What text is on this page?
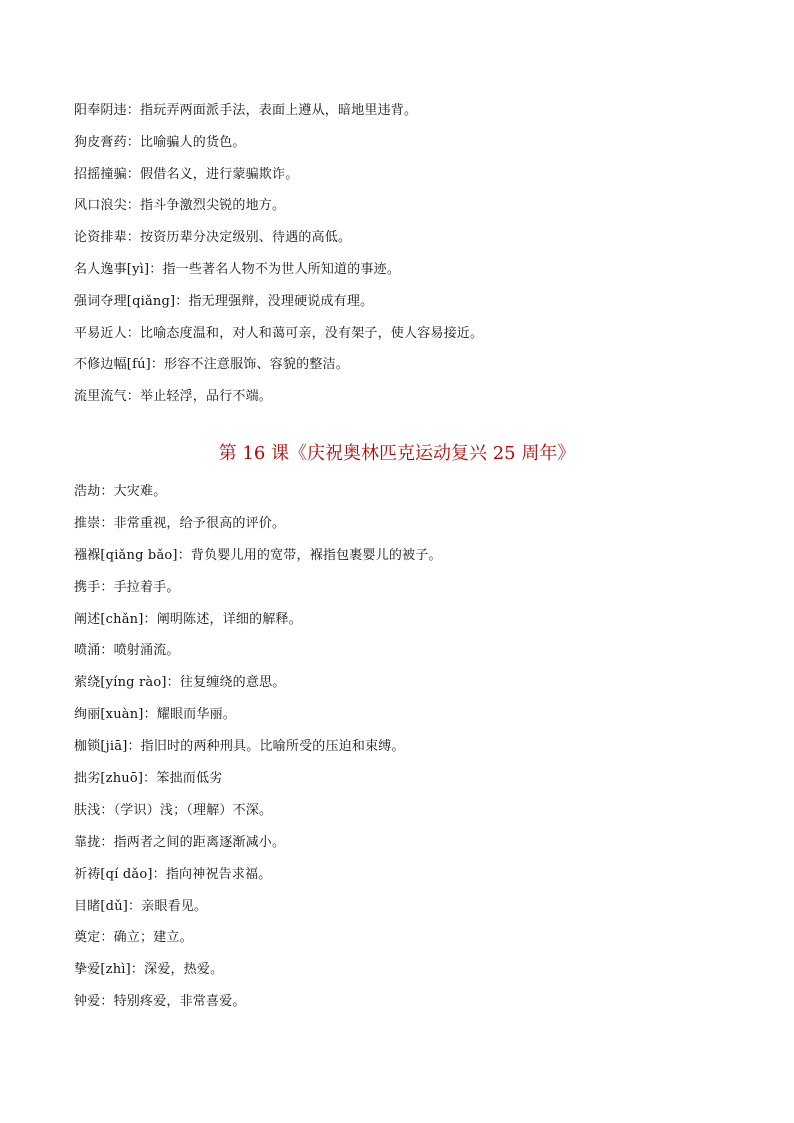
阳奉阴违：指玩弄两面派手法，表面上遵从，暗地里违背。
狗皮膏药：比喻骗人的货色。
招摇撞骗：假借名义，进行蒙骗欺诈。
风口浪尖：指斗争激烈尖锐的地方。
论资排辈：按资历辈分决定级别、待遇的高低。
名人逸事[yì]：指一些著名人物不为世人所知道的事迹。
强词夺理[qiǎng]：指无理强辩，没理硬说成有理。
平易近人：比喻态度温和，对人和蔼可亲，没有架子，使人容易接近。
不修边幅[fú]：形容不注意服饰、容貌的整洁。
流里流气：举止轻浮，品行不端。
第 16 课《庆祝奥林匹克运动复兴 25 周年》
浩劫：大灾难。
推崇：非常重视，给予很高的评价。
襁褓[qiǎng bǎo]：背负婴儿用的宽带，褓指包裹婴儿的被子。
携手：手拉着手。
阐述[chǎn]：阐明陈述，详细的解释。
喷涌：喷射涌流。
萦绕[yíng rào]：往复缠绕的意思。
绚丽[xuàn]：耀眼而华丽。
枷锁[jiā]：指旧时的两种刑具。比喻所受的压迫和束缚。
拙劣[zhuō]：笨拙而低劣
肤浅：（学识）浅；（理解）不深。
靠拢：指两者之间的距离逐渐减小。
祈祷[qí dǎo]：指向神祝告求福。
目睹[dǔ]：亲眼看见。
奠定：确立；建立。
挚爱[zhì]：深爱，热爱。
钟爱：特别疼爱，非常喜爱。
